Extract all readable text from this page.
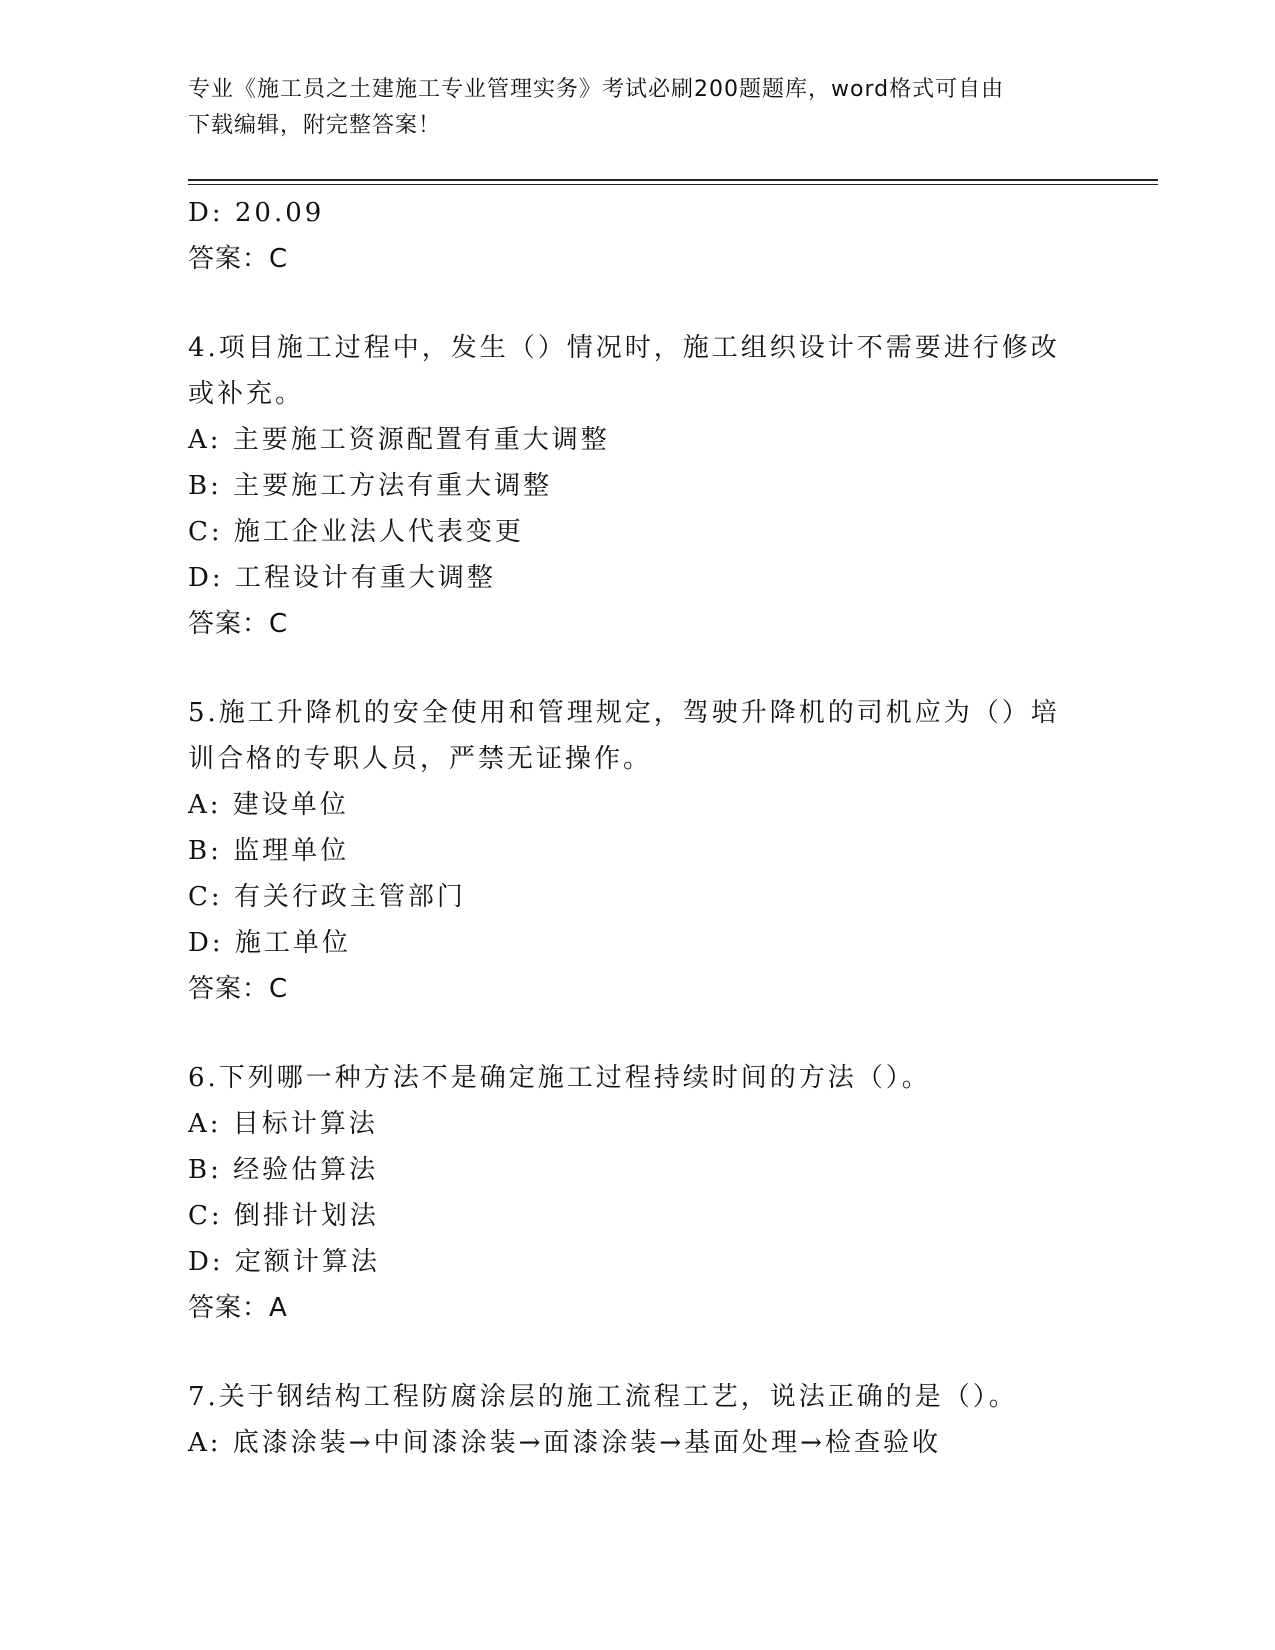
专业《施工员之土建施工专业管理实务》考试必刷200题题库，word格式可自由
下载编辑，附完整答案！
D: 20.09
答案：C
4.项目施工过程中，发生（）情况时，施工组织设计不需要进行修改
或补充。
A: 主要施工资源配置有重大调整
B: 主要施工方法有重大调整
C: 施工企业法人代表变更
D: 工程设计有重大调整
答案：C
5.施工升降机的安全使用和管理规定，驾驶升降机的司机应为（）培
训合格的专职人员，严禁无证操作。
A: 建设单位
B: 监理单位
C: 有关行政主管部门
D: 施工单位
答案：C
6.下列哪一种方法不是确定施工过程持续时间的方法（）。
A: 目标计算法
B: 经验估算法
C: 倒排计划法
D: 定额计算法
答案：A
7.关于钢结构工程防腐涂层的施工流程工艺，说法正确的是（）。
A: 底漆涂装→中间漆涂装→面漆涂装→基面处理→检查验收
